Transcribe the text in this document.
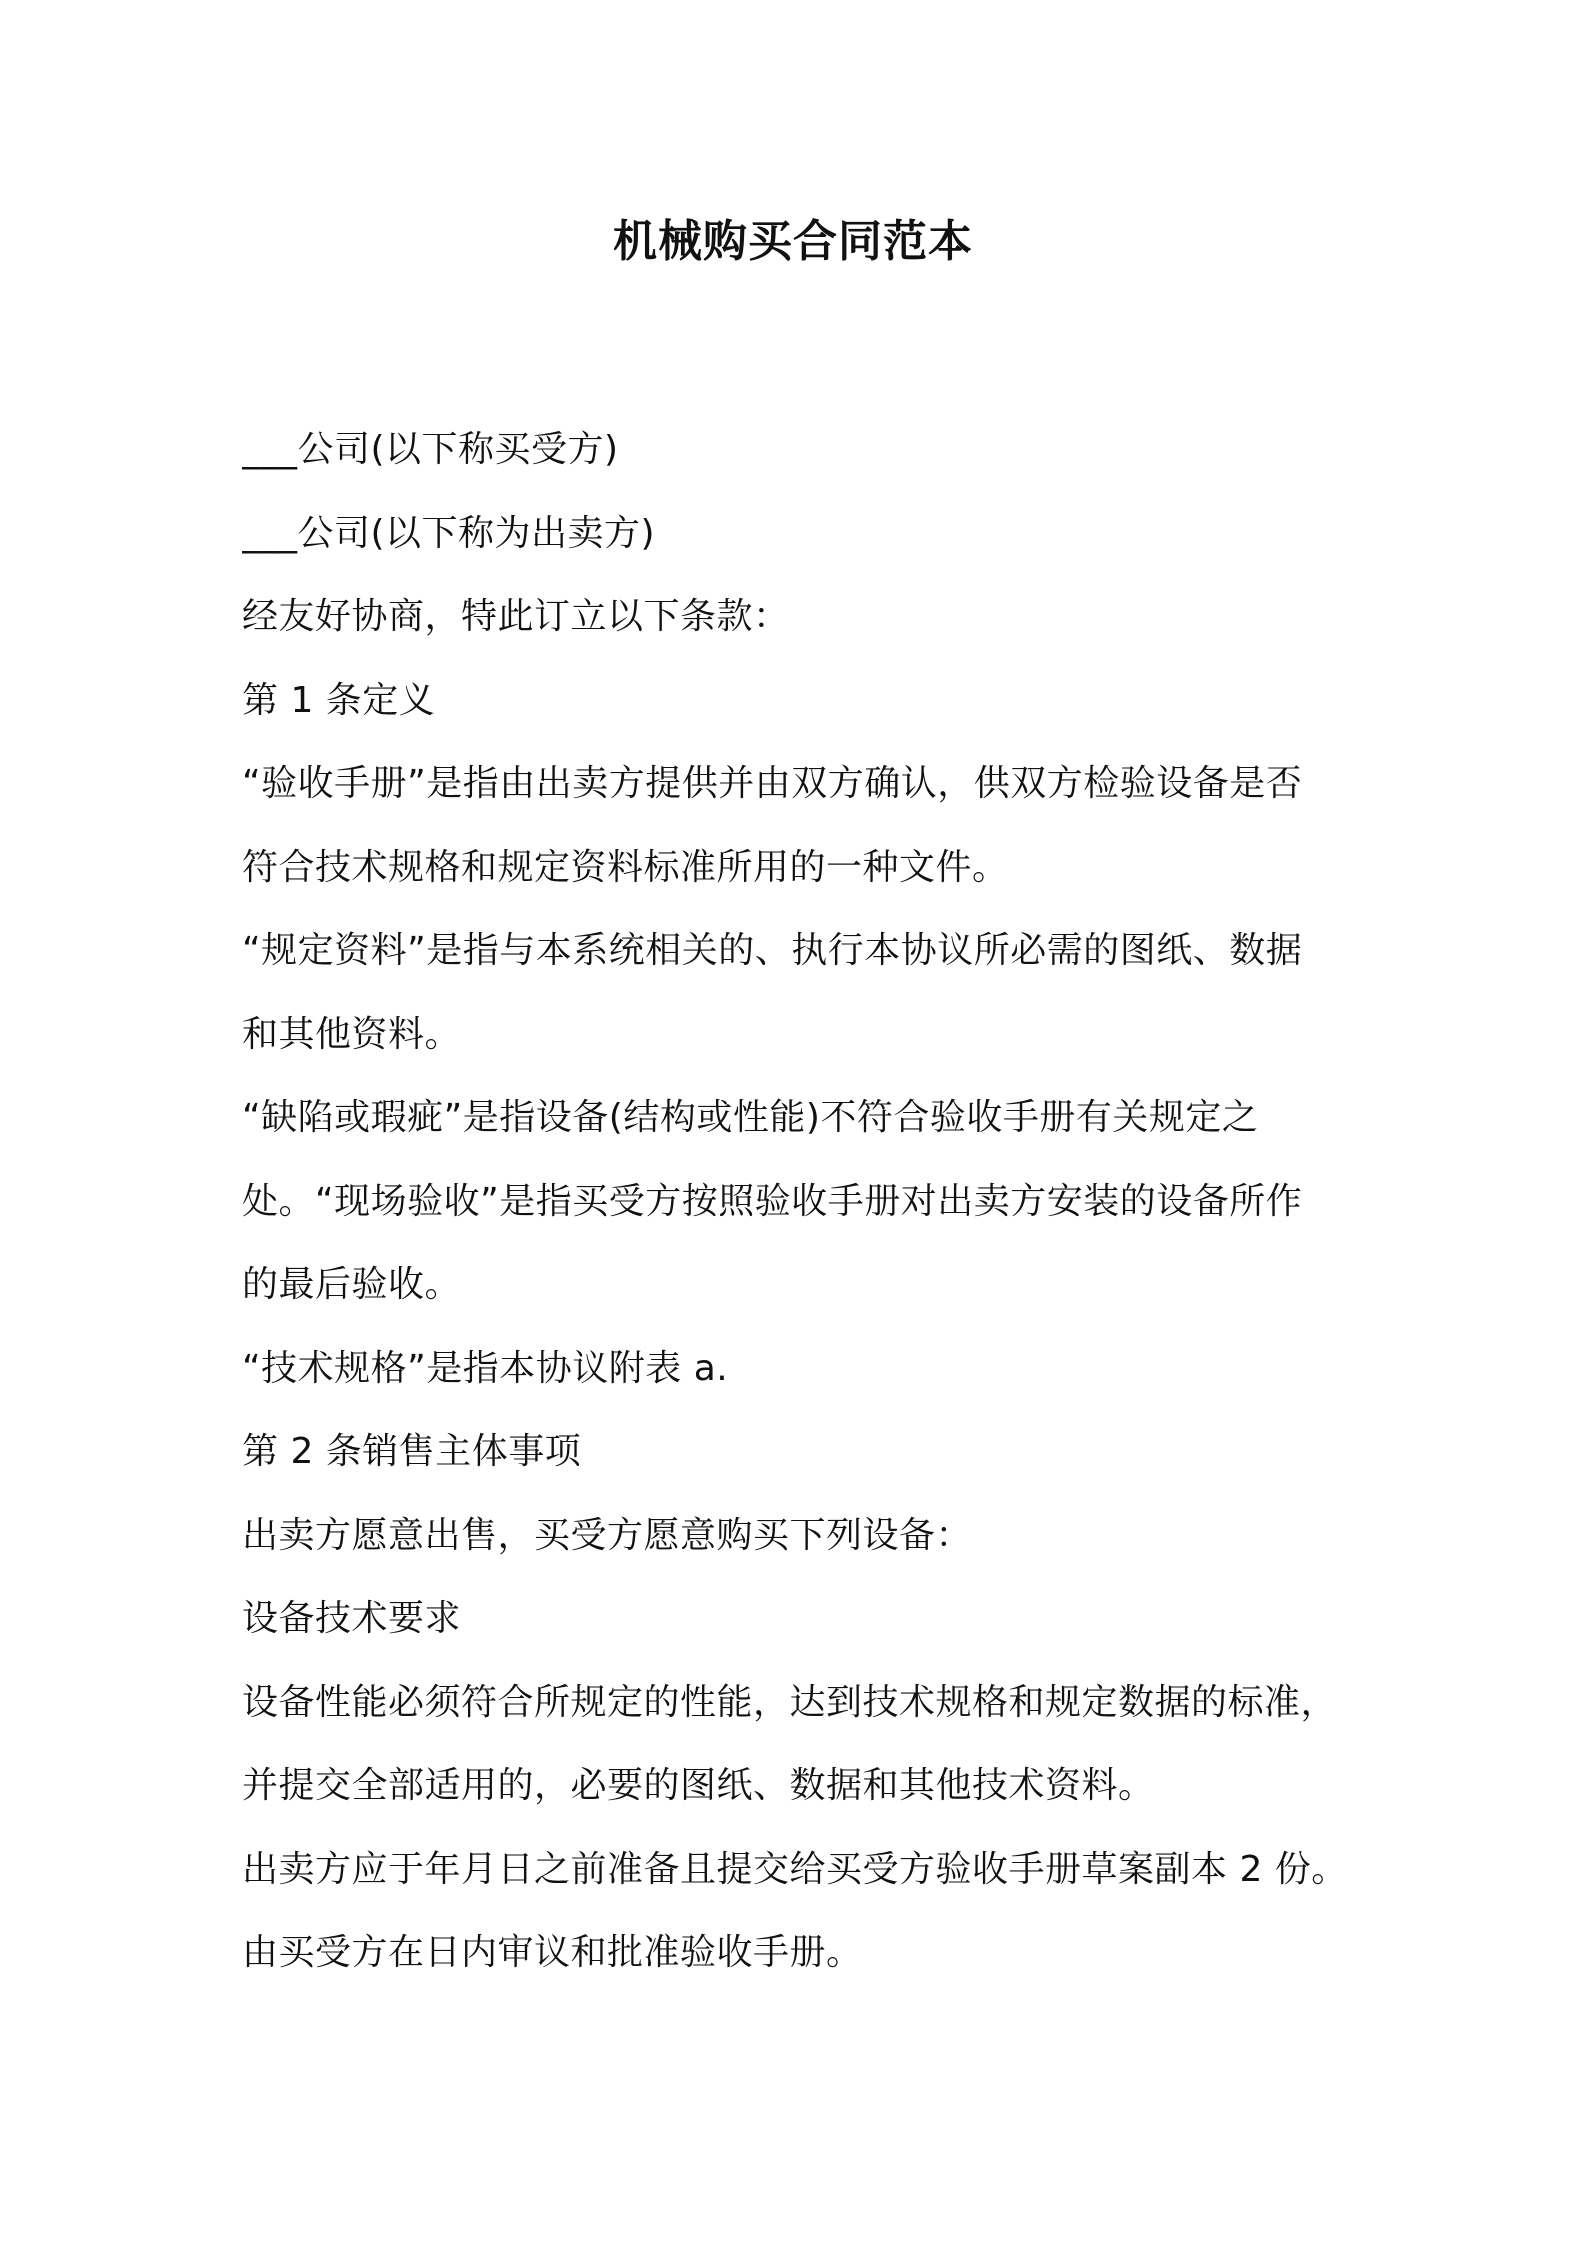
机械购买合同范本
___公司(以下称买受方)
___公司(以下称为出卖方)
经友好协商，特此订立以下条款：
第 1 条定义
“验收手册”是指由出卖方提供并由双方确认，供双方检验设备是否
符合技术规格和规定资料标准所用的一种文件。
“规定资料”是指与本系统相关的、执行本协议所必需的图纸、数据
和其他资料。
“缺陷或瑕疵”是指设备(结构或性能)不符合验收手册有关规定之
处。“现场验收”是指买受方按照验收手册对出卖方安装的设备所作
的最后验收。
“技术规格”是指本协议附表 a.
第 2 条销售主体事项
出卖方愿意出售，买受方愿意购买下列设备：
设备技术要求
设备性能必须符合所规定的性能，达到技术规格和规定数据的标准，
并提交全部适用的，必要的图纸、数据和其他技术资料。
出卖方应于年月日之前准备且提交给买受方验收手册草案副本 2 份。
由买受方在日内审议和批准验收手册。
